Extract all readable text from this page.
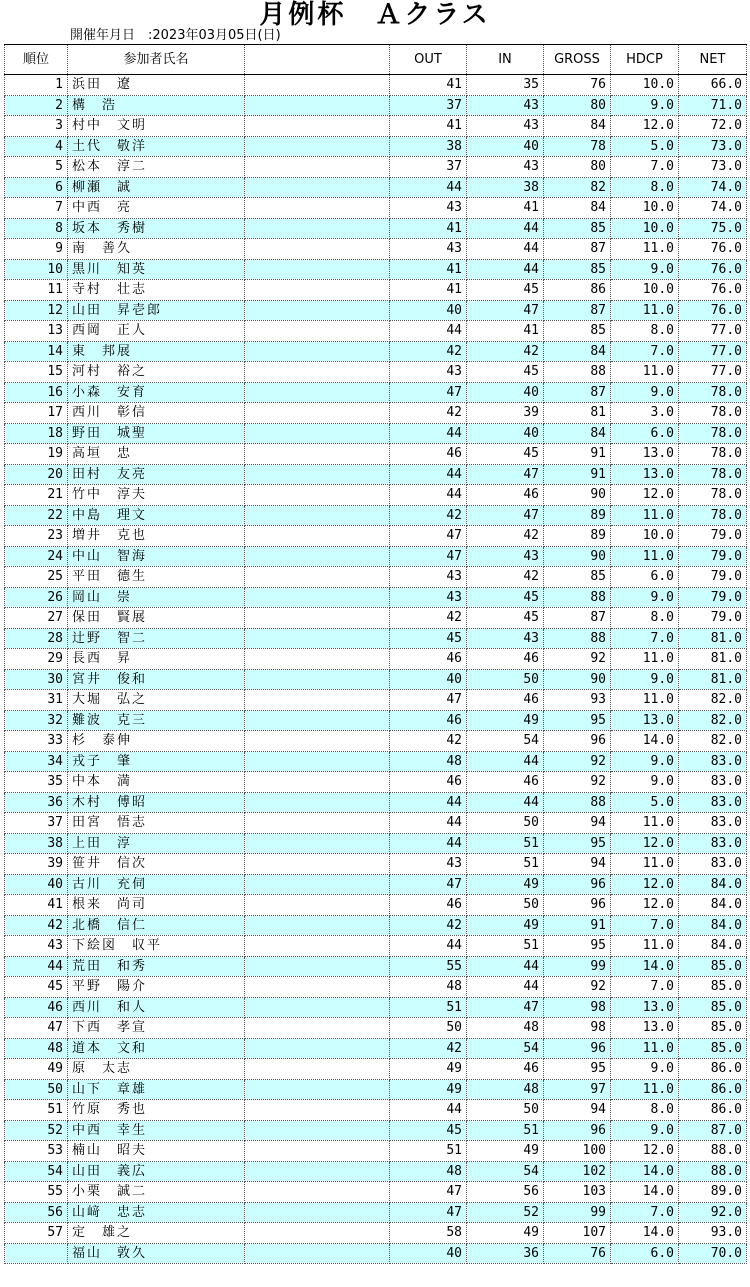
月例杯　Ａクラス
開催年月日　:2023年03月05日(日)
順位	参加者氏名		OUT	IN	GROSS	HDCP	NET
1	浜田　遼		41	35	76	10.0	66.0
2	構　浩		37	43	80	9.0	71.0
3	村中　文明		41	43	84	12.0	72.0
4	土代　敬洋		38	40	78	5.0	73.0
5	松本　淳二		37	43	80	7.0	73.0
6	柳瀬　誠		44	38	82	8.0	74.0
7	中西　亮		43	41	84	10.0	74.0
8	坂本　秀樹		41	44	85	10.0	75.0
9	南　善久		43	44	87	11.0	76.0
10	黒川　知英		41	44	85	9.0	76.0
11	寺村　壮志		41	45	86	10.0	76.0
12	山田　昇壱郎		40	47	87	11.0	76.0
13	西岡　正人		44	41	85	8.0	77.0
14	東　邦展		42	42	84	7.0	77.0
15	河村　裕之		43	45	88	11.0	77.0
16	小森　安育		47	40	87	9.0	78.0
17	西川　彰信		42	39	81	3.0	78.0
18	野田　城聖		44	40	84	6.0	78.0
19	高垣　忠		46	45	91	13.0	78.0
20	田村　友亮		44	47	91	13.0	78.0
21	竹中　淳夫		44	46	90	12.0	78.0
22	中島　理文		42	47	89	11.0	78.0
23	増井　克也		47	42	89	10.0	79.0
24	中山　智海		47	43	90	11.0	79.0
25	平田　德生		43	42	85	6.0	79.0
26	岡山　崇		43	45	88	9.0	79.0
27	保田　賢展		42	45	87	8.0	79.0
28	辻野　智二		45	43	88	7.0	81.0
29	長西　昇		46	46	92	11.0	81.0
30	宮井　俊和		40	50	90	9.0	81.0
31	大堀　弘之		47	46	93	11.0	82.0
32	難波　克三		46	49	95	13.0	82.0
33	杉　泰伸		42	54	96	14.0	82.0
34	戎子　肇		48	44	92	9.0	83.0
35	中本　満		46	46	92	9.0	83.0
36	木村　傅昭		44	44	88	5.0	83.0
37	田宮　悟志		44	50	94	11.0	83.0
38	上田　淳		44	51	95	12.0	83.0
39	笹井　信次		43	51	94	11.0	83.0
40	古川　充伺		47	49	96	12.0	84.0
41	根来　尚司		46	50	96	12.0	84.0
42	北橋　信仁		42	49	91	7.0	84.0
43	下絵図　収平		44	51	95	11.0	84.0
44	荒田　和秀		55	44	99	14.0	85.0
45	平野　陽介		48	44	92	7.0	85.0
46	西川　和人		51	47	98	13.0	85.0
47	下西　孝宣		50	48	98	13.0	85.0
48	道本　文和		42	54	96	11.0	85.0
49	原　太志		49	46	95	9.0	86.0
50	山下　章雄		49	48	97	11.0	86.0
51	竹原　秀也		44	50	94	8.0	86.0
52	中西　幸生		45	51	96	9.0	87.0
53	楠山　昭夫		51	49	100	12.0	88.0
54	山田　義広		48	54	102	14.0	88.0
55	小栗　誠二		47	56	103	14.0	89.0
56	山﨑　忠志		47	52	99	7.0	92.0
57	定　雄之		58	49	107	14.0	93.0
	福山　敦久		40	36	76	6.0	70.0
